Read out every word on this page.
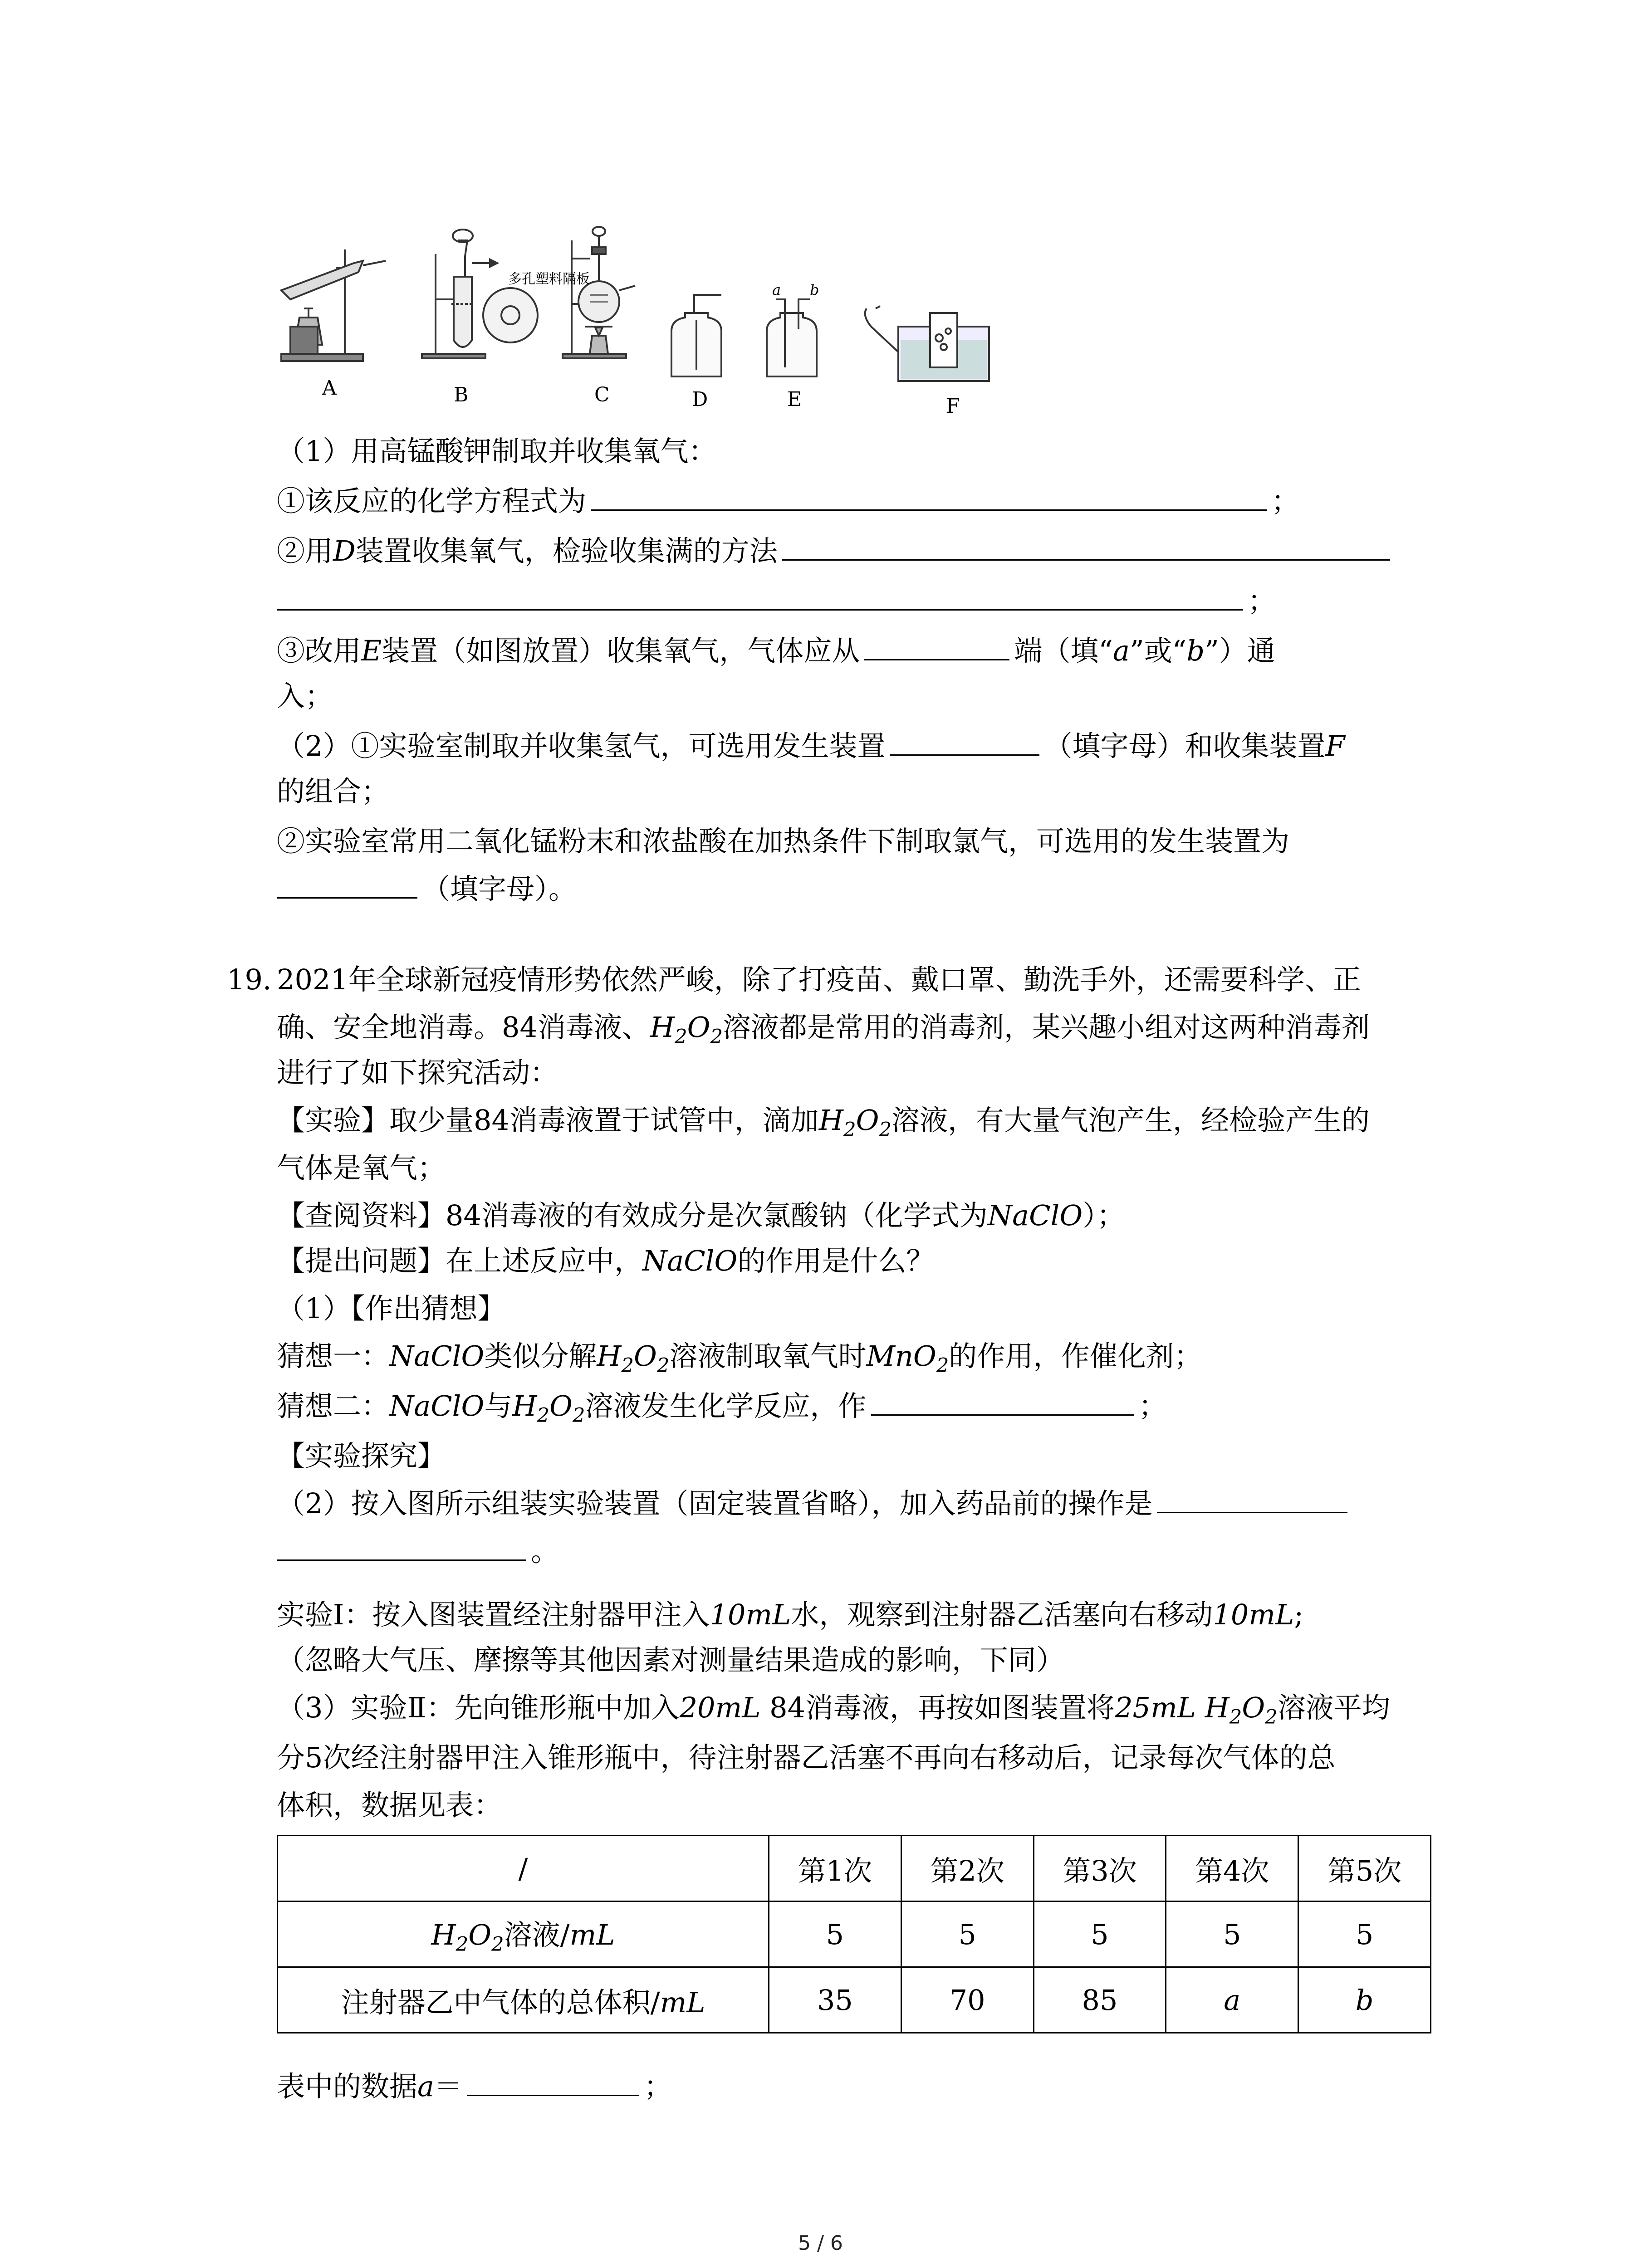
A	B	C	D	E	F
a b
多孔塑料隔板
（1）用高锰酸钾制取并收集氧气：
①该反应的化学方程式为	；
②用D装置收集氧气，检验收集满的方法
；
③改用E装置（如图放置）收集氧气，气体应从	端（填“a”或“b”）通
入；
（2）①实验室制取并收集氢气，可选用发生装置	（填字母）和收集装置F
的组合；
②实验室常用二氧化锰粉末和浓盐酸在加热条件下制取氯气，可选用的发生装置为
（填字母）。
19. 2021年全球新冠疫情形势依然严峻，除了打疫苗、戴口罩、勤洗手外，还需要科学、正
确、安全地消毒。84消毒液、$H_2O_2$溶液都是常用的消毒剂，某兴趣小组对这两种消毒剂
进行了如下探究活动：
【实验】取少量84消毒液置于试管中，滴加$H_2O_2$溶液，有大量气泡产生，经检验产生的
气体是氧气；
【查阅资料】84消毒液的有效成分是次氯酸钠（化学式为NaClO）；
【提出问题】在上述反应中，NaClO的作用是什么？
（1）【作出猜想】
猜想一：NaClO类似分解$H_2O_2$溶液制取氧气时MnO$_2$的作用，作催化剂；
猜想二：NaClO与$H_2O_2$溶液发生化学反应，作	；
【实验探究】
（2）按入图所示组装实验装置（固定装置省略），加入药品前的操作是
。
实验Ⅰ：按入图装置经注射器甲注入10mL水，观察到注射器乙活塞向右移动10mL;
（忽略大气压、摩擦等其他因素对测量结果造成的影响，下同）
（3）实验Ⅱ：先向锥形瓶中加入20mL 84消毒液，再按如图装置将25mL $H_2O_2$溶液平均
分5次经注射器甲注入锥形瓶中，待注射器乙活塞不再向右移动后，记录每次气体的总
体积，数据见表：
/	第1次	第2次	第3次	第4次	第5次
$H_2O_2$溶液/mL	5	5	5	5	5
注射器乙中气体的总体积/mL	35	70	85	a	b
表中的数据a＝	；
5 / 6
